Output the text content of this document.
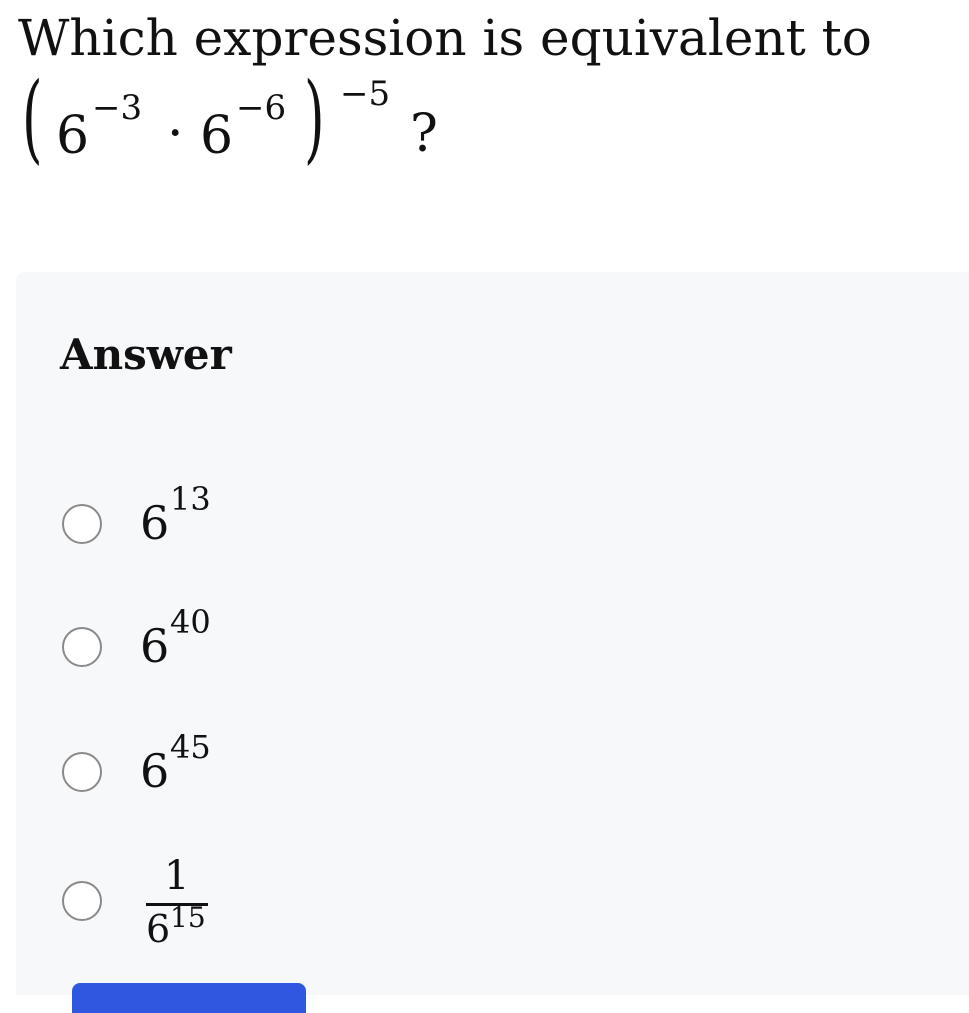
Which expression is equivalent to
( 6 −3 · 6 −6 ) −5
?
Answer
6 13
6 40
6 45
1
6 15
